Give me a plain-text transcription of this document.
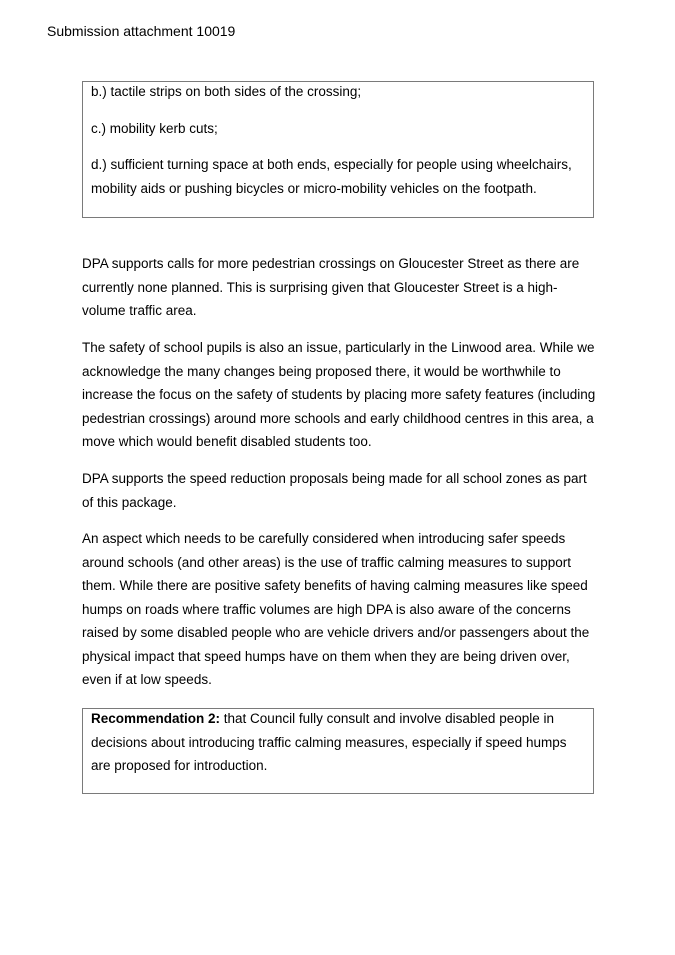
Submission attachment 10019

b.) tactile strips on both sides of the crossing;

c.) mobility kerb cuts;

d.) sufficient turning space at both ends, especially for people using wheelchairs, mobility aids or pushing bicycles or micro-mobility vehicles on the footpath.

DPA supports calls for more pedestrian crossings on Gloucester Street as there are currently none planned. This is surprising given that Gloucester Street is a high-volume traffic area.

The safety of school pupils is also an issue, particularly in the Linwood area. While we acknowledge the many changes being proposed there, it would be worthwhile to increase the focus on the safety of students by placing more safety features (including pedestrian crossings) around more schools and early childhood centres in this area, a move which would benefit disabled students too.

DPA supports the speed reduction proposals being made for all school zones as part of this package.

An aspect which needs to be carefully considered when introducing safer speeds around schools (and other areas) is the use of traffic calming measures to support them. While there are positive safety benefits of having calming measures like speed humps on roads where traffic volumes are high DPA is also aware of the concerns raised by some disabled people who are vehicle drivers and/or passengers about the physical impact that speed humps have on them when they are being driven over, even if at low speeds.

Recommendation 2: that Council fully consult and involve disabled people in decisions about introducing traffic calming measures, especially if speed humps are proposed for introduction.
